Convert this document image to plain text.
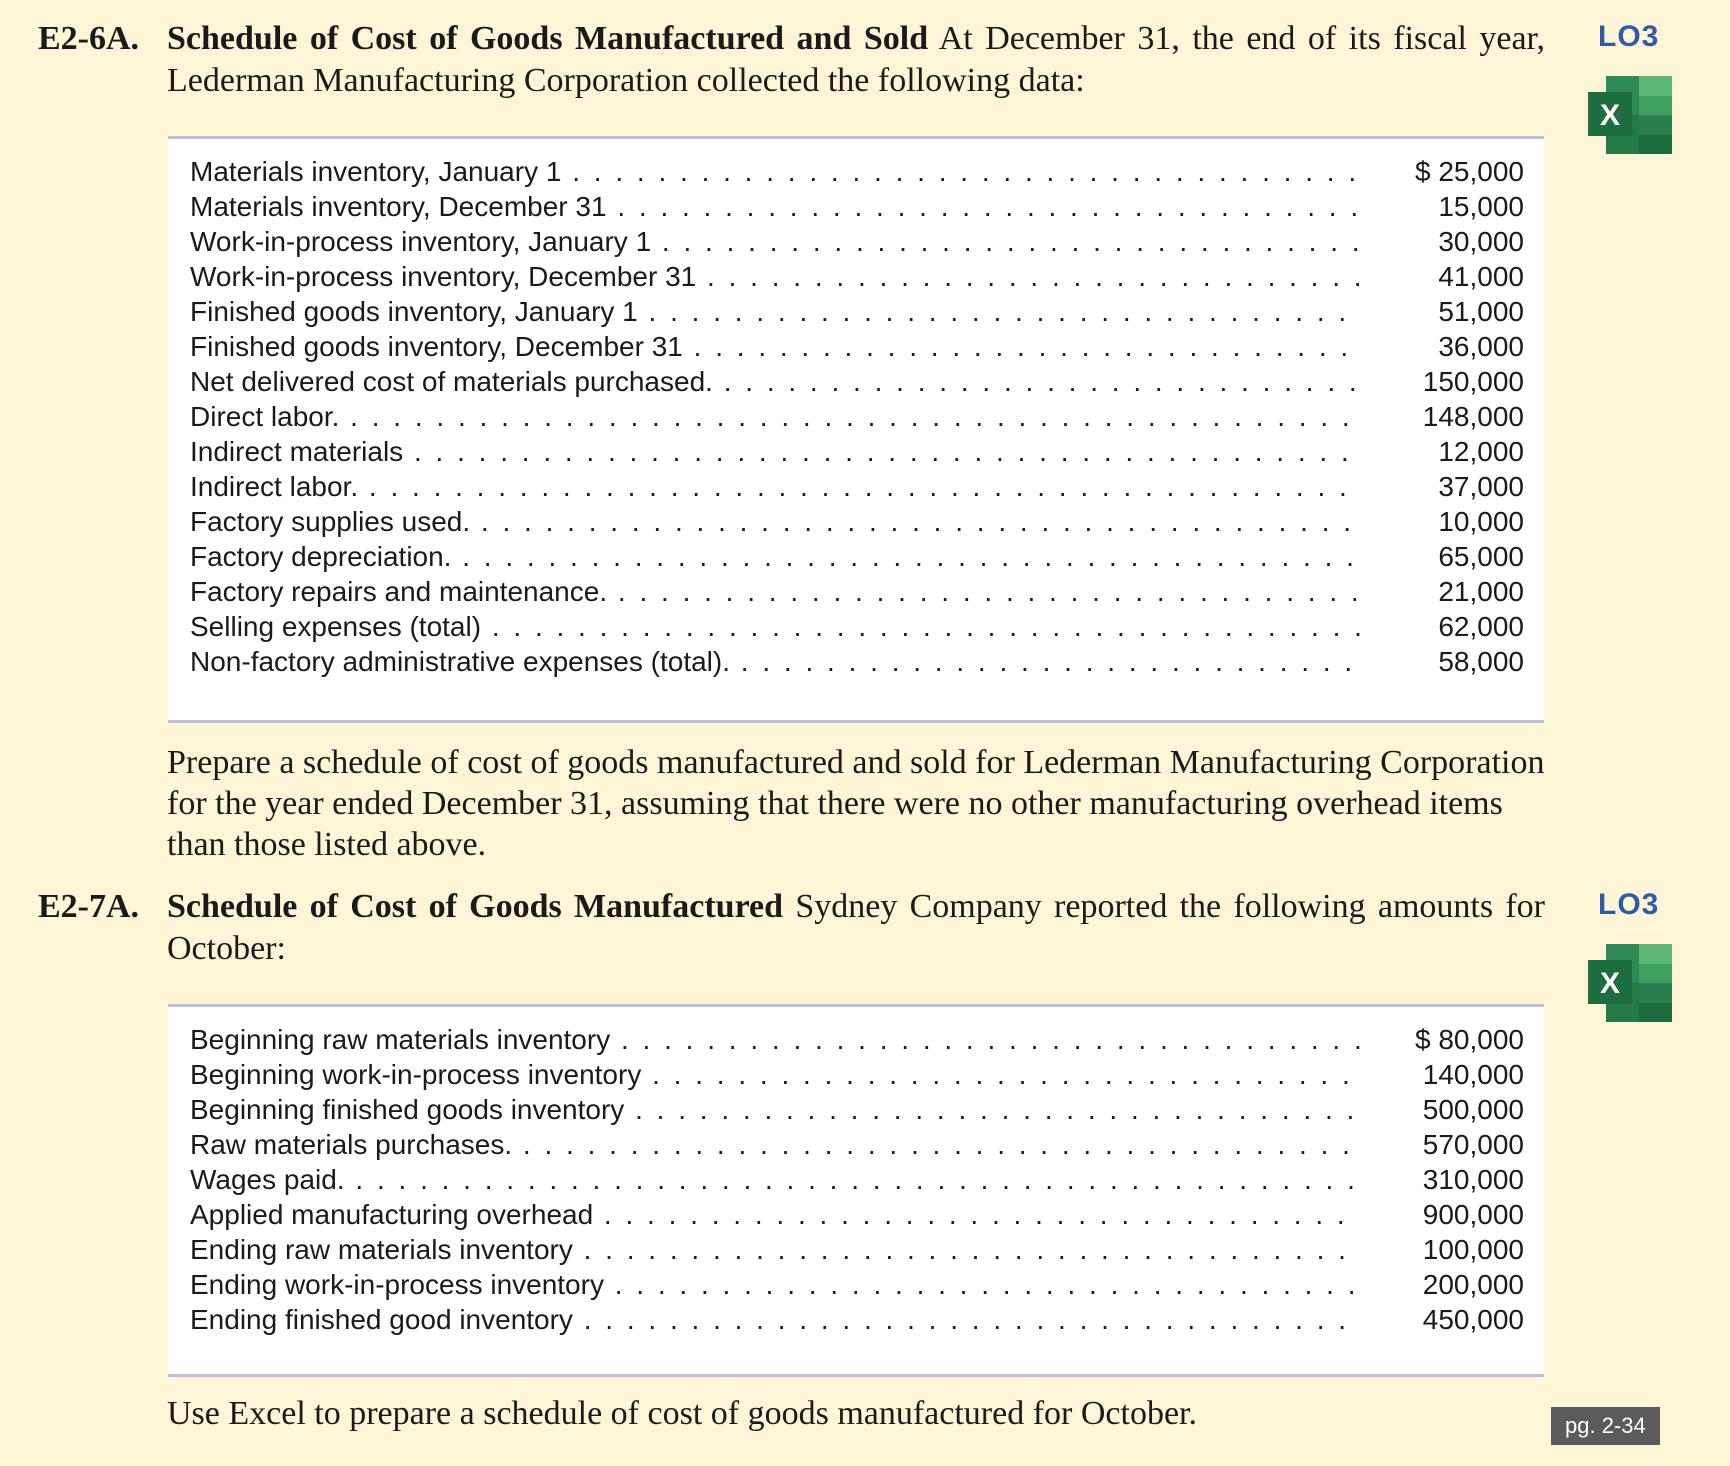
E2-6A. Schedule of Cost of Goods Manufactured and Sold At December 31, the end of its fiscal year, Lederman Manufacturing Corporation collected the following data:
LO3
X
Materials inventory, January 1 . . .	$ 25,000
Materials inventory, December 31 . . .	15,000
Work-in-process inventory, January 1 . . .	30,000
Work-in-process inventory, December 31 . . .	41,000
Finished goods inventory, January 1 . . .	51,000
Finished goods inventory, December 31 . . .	36,000
Net delivered cost of materials purchased. . . .	150,000
Direct labor. . . .	148,000
Indirect materials . . .	12,000
Indirect labor. . . .	37,000
Factory supplies used. . . .	10,000
Factory depreciation. . . .	65,000
Factory repairs and maintenance. . . .	21,000
Selling expenses (total) . . .	62,000
Non-factory administrative expenses (total). . . .	58,000
Prepare a schedule of cost of goods manufactured and sold for Lederman Manufacturing Corporation for the year ended December 31, assuming that there were no other manufacturing overhead items than those listed above.
E2-7A. Schedule of Cost of Goods Manufactured Sydney Company reported the following amounts for October:
LO3
X
Beginning raw materials inventory . . .	$ 80,000
Beginning work-in-process inventory . . .	140,000
Beginning finished goods inventory . . .	500,000
Raw materials purchases. . . .	570,000
Wages paid. . . .	310,000
Applied manufacturing overhead . . .	900,000
Ending raw materials inventory . . .	100,000
Ending work-in-process inventory . . .	200,000
Ending finished good inventory . . .	450,000
Use Excel to prepare a schedule of cost of goods manufactured for October.	pg. 2-34
